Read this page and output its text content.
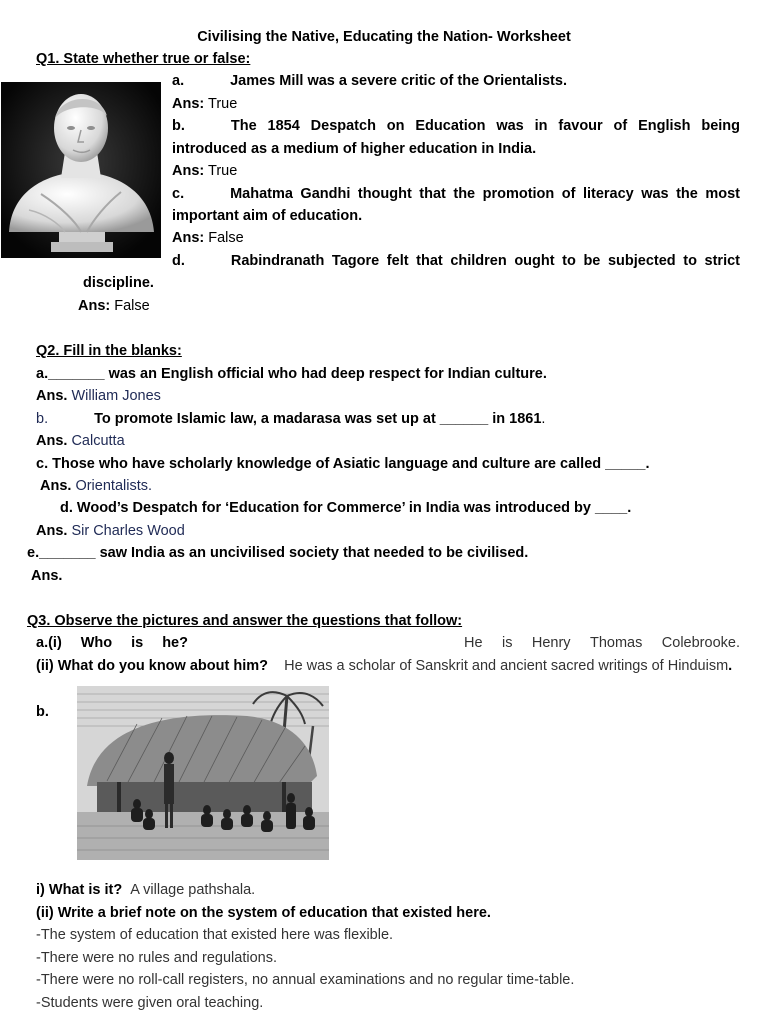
Civilising the Native, Educating the Nation- Worksheet
Q1. State whether true or false:
a.	James Mill was a severe critic of the Orientalists.
Ans: True
b.	The 1854 Despatch on Education was in favour of English being
introduced as a medium of higher education in India.
Ans: True
c.	Mahatma Gandhi thought that the promotion of literacy was the most
important aim of education.
Ans: False
d.	Rabindranath Tagore felt that children ought to be subjected to strict
discipline.
Ans: False
Q2. Fill in the blanks:
a._______ was an English official who had deep respect for Indian culture.
Ans. William Jones
b.	To promote Islamic law, a madarasa was set up at ______ in 1861.
Ans. Calcutta
c. Those who have scholarly knowledge of Asiatic language and culture are called _____.
Ans. Orientalists.
d. Wood’s Despatch for ‘Education for Commerce’ in India was introduced by ____.
Ans. Sir Charles Wood
e._______ saw India as an uncivilised society that needed to be civilised.
Ans.
Q3. Observe the pictures and answer the questions that follow:
a.(i) Who is he?	He is Henry Thomas Colebrooke.
(ii) What do you know about him? He was a scholar of Sanskrit and ancient sacred writings of Hinduism.
b.
i) What is it? A village pathshala.
(ii) Write a brief note on the system of education that existed here.
-The system of education that existed here was flexible.
-There were no rules and regulations.
-There were no roll-call registers, no annual examinations and no regular time-table.
-Students were given oral teaching.
